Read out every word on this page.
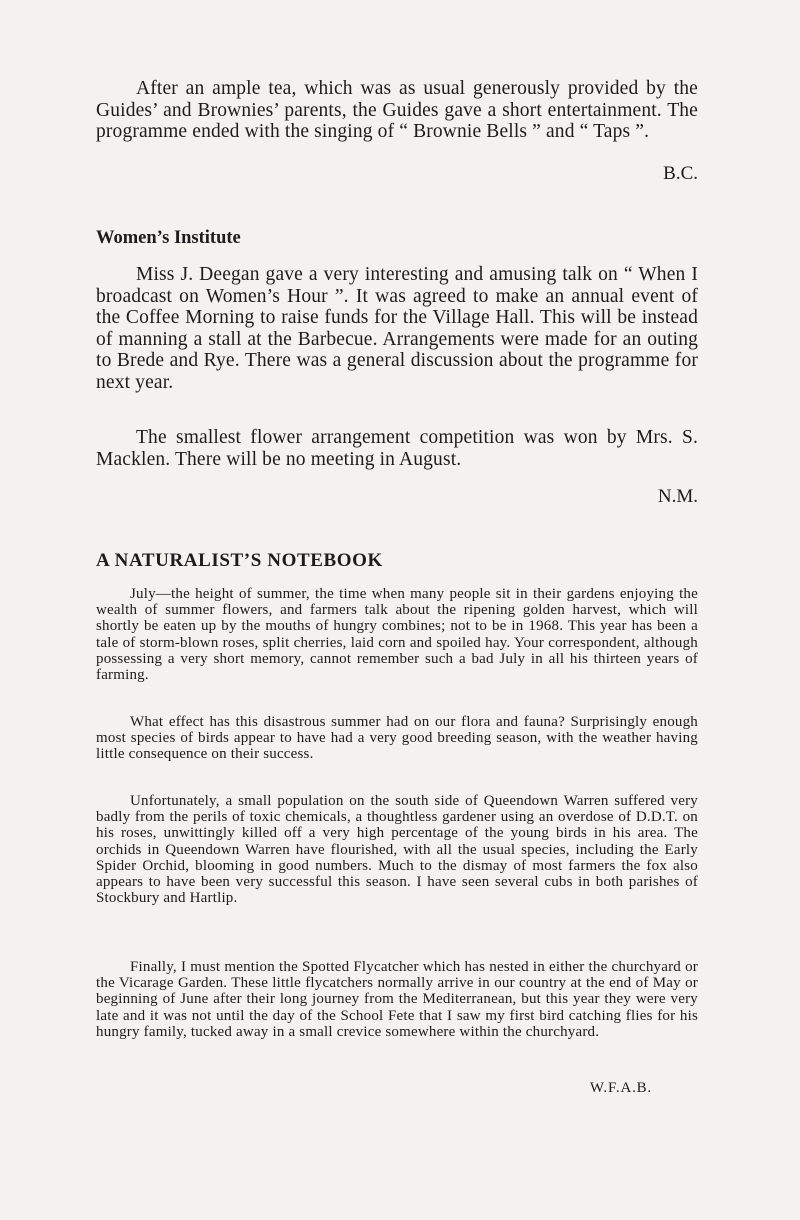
After an ample tea, which was as usual generously provided by the Guides’ and Brownies’ parents, the Guides gave a short entertainment. The programme ended with the singing of “ Brownie Bells ” and “ Taps ”.

B.C.

Women’s Institute

Miss J. Deegan gave a very interesting and amusing talk on “ When I broadcast on Women’s Hour ”. It was agreed to make an annual event of the Coffee Morning to raise funds for the Village Hall. This will be instead of manning a stall at the Barbecue. Arrangements were made for an outing to Brede and Rye. There was a general discussion about the programme for next year.

The smallest flower arrangement competition was won by Mrs. S. Macklen. There will be no meeting in August.

N.M.

A NATURALIST’S NOTEBOOK

July—the height of summer, the time when many people sit in their gardens enjoying the wealth of summer flowers, and farmers talk about the ripening golden harvest, which will shortly be eaten up by the mouths of hungry combines; not to be in 1968. This year has been a tale of storm-blown roses, split cherries, laid corn and spoiled hay. Your correspondent, although possessing a very short memory, cannot remember such a bad July in all his thirteen years of farming.

What effect has this disastrous summer had on our flora and fauna? Surprisingly enough most species of birds appear to have had a very good breeding season, with the weather having little consequence on their success.

Unfortunately, a small population on the south side of Queendown Warren suffered very badly from the perils of toxic chemicals, a thoughtless gardener using an overdose of D.D.T. on his roses, unwittingly killed off a very high percentage of the young birds in his area. The orchids in Queendown Warren have flourished, with all the usual species, including the Early Spider Orchid, blooming in good numbers. Much to the dismay of most farmers the fox also appears to have been very successful this season. I have seen several cubs in both parishes of Stockbury and Hartlip.

Finally, I must mention the Spotted Flycatcher which has nested in either the churchyard or the Vicarage Garden. These little flycatchers normally arrive in our country at the end of May or beginning of June after their long journey from the Mediterranean, but this year they were very late and it was not until the day of the School Fete that I saw my first bird catching flies for his hungry family, tucked away in a small crevice somewhere within the churchyard.

W.F.A.B.
